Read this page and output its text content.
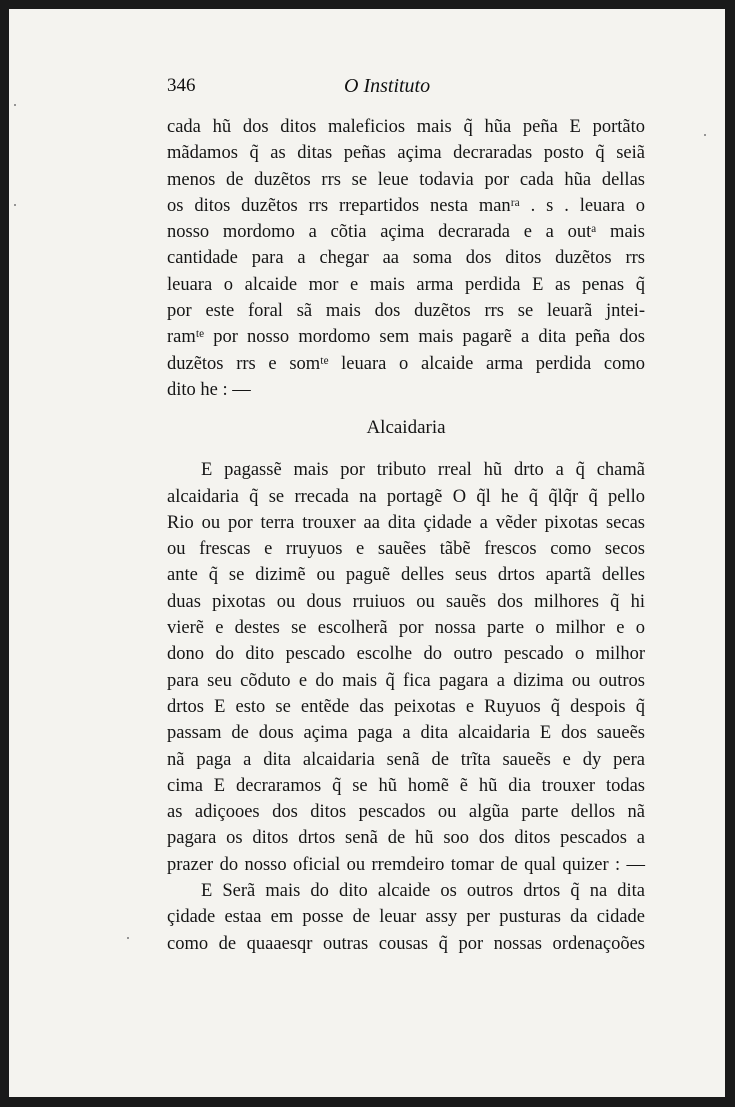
346	O Instituto
cada hũ dos ditos maleficios mais q̃ hũa peña E portãto
mãdamos q̃ as ditas peñas açima decraradas posto q̃ seiã
menos de duzẽtos rrs se leue todavia por cada hũa dellas
os ditos duzẽtos rrs rrepartidos nesta manʳᵃ . s . leuara o
nosso mordomo a cõtia açima decrarada e a outᵃ mais
cantidade para a chegar aa soma dos ditos duzẽtos rrs
leuara o alcaide mor e mais arma perdida E as penas q̃
por este foral sã mais dos duzẽtos rrs se leuarã jntei-
ramᵗᵉ por nosso mordomo sem mais pagarẽ a dita peña dos
duzẽtos rrs e somᵗᵉ leuara o alcaide arma perdida como
dito he : —
Alcaidaria
E pagassẽ mais por tributo rreal hũ drto a q̃ chamã
alcaidaria q̃ se rrecada na portagẽ O q̃l he q̃ q̃lq̃r q̃ pello
Rio ou por terra trouxer aa dita çidade a vẽder pixotas secas
ou frescas e rruyuos e sauẽes tãbẽ frescos como secos
ante q̃ se dizimẽ ou paguẽ delles seus drtos apartã delles
duas pixotas ou dous rruiuos ou sauẽs dos milhores q̃ hi
vierẽ e destes se escolherã por nossa parte o milhor e o
dono do dito pescado escolhe do outro pescado o milhor
para seu cõduto e do mais q̃ fica pagara a dizima ou outros
drtos E esto se entẽde das peixotas e Ruyuos q̃ despois q̃
passam de dous açima paga a dita alcaidaria E dos saueẽs
nã paga a dita alcaidaria senã de trĩta saueẽs e dy pera
cima E decraramos q̃ se hũ homẽ ẽ hũ dia trouxer todas
as adiçooes dos ditos pescados ou algũa parte dellos nã
pagara os ditos drtos senã de hũ soo dos ditos pescados a
prazer do nosso oficial ou rremdeiro tomar de qual quizer : —
E Serã mais do dito alcaide os outros drtos q̃ na dita
çidade estaa em posse de leuar assy per pusturas da cidade
como de quaaesqr outras cousas q̃ por nossas ordenaçoões
